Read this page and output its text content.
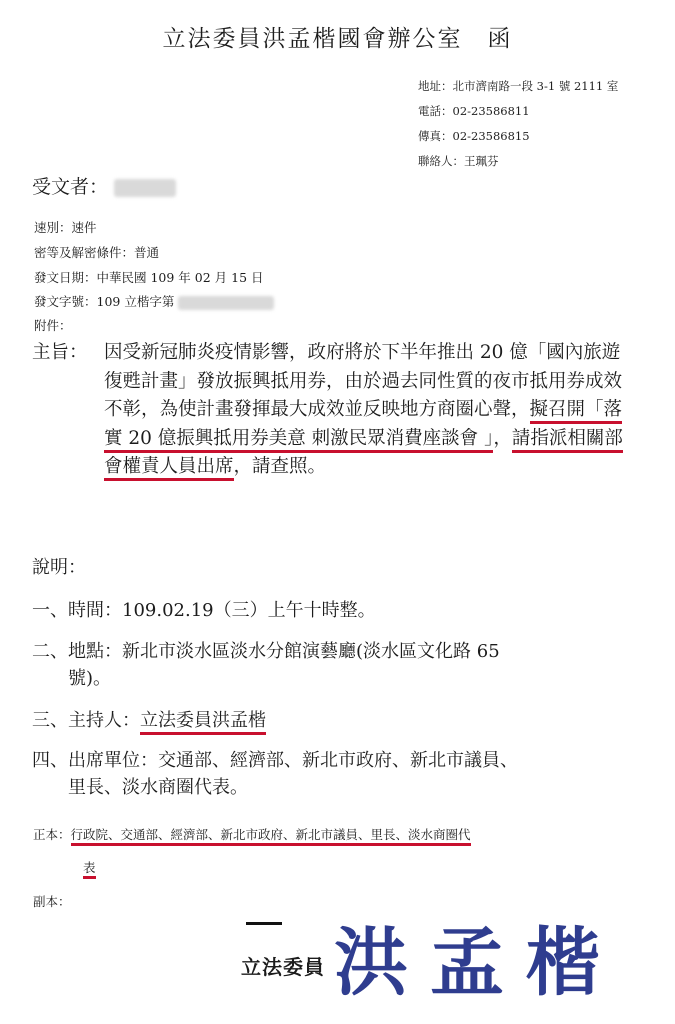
立法委員洪孟楷國會辦公室　函
地址：北市濟南路一段 3-1 號 2111 室
電話：02-23586811
傳真：02-23586815
聯絡人：王珮芬
受文者：
速別：速件
密等及解密條件：普通
發文日期：中華民國 109 年 02 月 15 日
發文字號：109 立楷字第
附件：
主旨： 因受新冠肺炎疫情影響，政府將於下半年推出 20 億「國內旅遊復甦計畫」發放振興抵用券，由於過去同性質的夜市抵用券成效不彰，為使計畫發揮最大成效並反映地方商圈心聲，擬召開「落實 20 億振興抵用券美意 刺激民眾消費座談會 」，請指派相關部會權責人員出席，請查照。
說明：
一、時間：109.02.19（三）上午十時整。
二、地點：新北市淡水區淡水分館演藝廳(淡水區文化路 65
號)。
三、主持人：立法委員洪孟楷
四、出席單位：交通部、經濟部、新北市政府、新北市議員、
里長、淡水商圈代表。
正本：行政院、交通部、經濟部、新北市政府、新北市議員、里長、淡水商圈代
表
副本：
立法委員 洪孟楷
